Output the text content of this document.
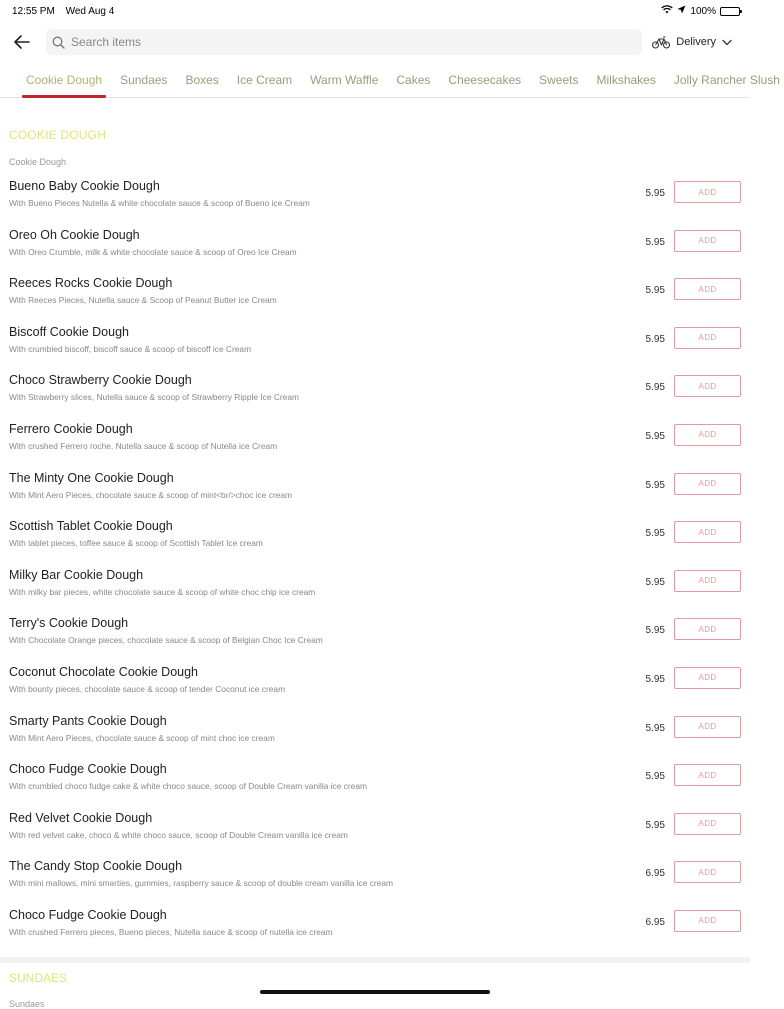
12:55 PM Wed Aug 4	100%
Search items
Delivery
Cookie Dough	Sundaes	Boxes	Ice Cream	Warm Waffle	Cakes	Cheesecakes	Sweets	Milkshakes	Jolly Rancher Slush
COOKIE DOUGH
Cookie Dough
Bueno Baby Cookie Dough
With Bueno Pieces Nutella & white chocolate sauce & scoop of Bueno ice Cream
5.95	ADD
Oreo Oh Cookie Dough
With Oreo Crumble, milk & white chocolate sauce & scoop of Oreo Ice Cream
5.95	ADD
Reeces Rocks Cookie Dough
With Reeces Pieces, Nutella sauce & Scoop of Peanut Butter ice Cream
5.95	ADD
Biscoff Cookie Dough
With crumbled biscoff, biscoff sauce & scoop of biscoff ice Cream
5.95	ADD
Choco Strawberry Cookie Dough
With Strawberry slices, Nutella sauce & scoop of Strawberry Ripple Ice Cream
5.95	ADD
Ferrero Cookie Dough
With crushed Ferrero roche, Nutella sauce & scoop of Nutella ice Cream
5.95	ADD
The Minty One Cookie Dough
With Mint Aero Pieces, chocolate sauce & scoop of mint<br/>choc ice cream
5.95	ADD
Scottish Tablet Cookie Dough
With tablet pieces, toffee sauce & scoop of Scottish Tablet Ice cream
5.95	ADD
Milky Bar Cookie Dough
With milky bar pieces, white chocolate sauce & scoop of white choc chip ice cream
5.95	ADD
Terry's Cookie Dough
With Chocolate Orange pieces, chocolate sauce & scoop of Belgian Choc Ice Cream
5.95	ADD
Coconut Chocolate Cookie Dough
With bounty pieces, chocolate sauce & scoop of tender Coconut ice cream
5.95	ADD
Smarty Pants Cookie Dough
With Mint Aero Pieces, chocolate sauce & scoop of mint choc ice cream
5.95	ADD
Choco Fudge Cookie Dough
With crumbled choco fudge cake & white choco sauce, scoop of Double Cream vanilla ice cream
5.95	ADD
Red Velvet Cookie Dough
With red velvet cake, choco & white choco sauce, scoop of Double Cream vanilla ice cream
5.95	ADD
The Candy Stop Cookie Dough
With mini mallows, mini smarties, gummies, raspberry sauce & scoop of double cream vanilla ice cream
6.95	ADD
Choco Fudge Cookie Dough
With crushed Ferrero pieces, Bueno pieces, Nutella sauce & scoop of nutella ice cream
6.95	ADD
SUNDAES
Sundaes
